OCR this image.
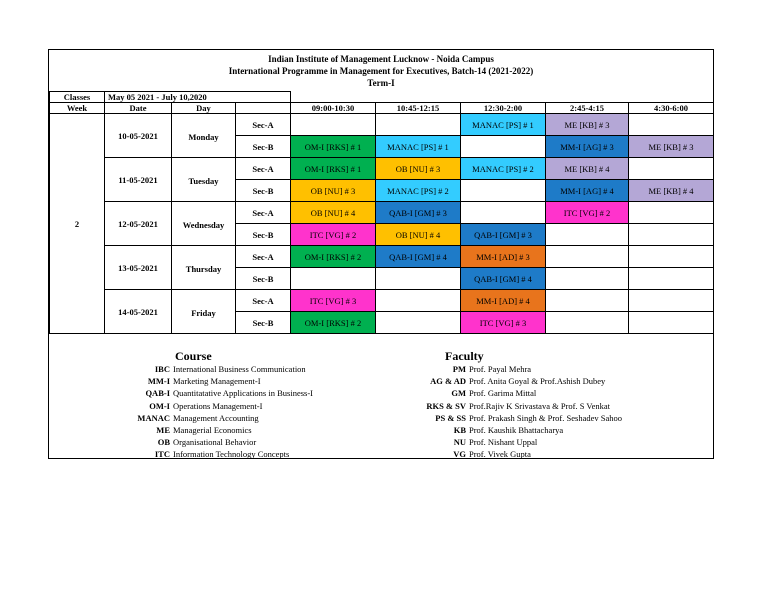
Indian Institute of Management Lucknow - Noida Campus
International Programme in Management for Executives, Batch-14 (2021-2022)
Term-I
Classes	May 05 2021 - July 10,2020							
Week	Date	Day		09:00-10:30	10:45-12:15	12:30-2:00	2:45-4:15	4:30-6:00
2	10-05-2021	Monday	Sec-A			MANAC [PS] # 1	ME [KB] # 3	
			Sec-B	OM-I [RKS] # 1	MANAC [PS] # 1		MM-I [AG] # 3	ME [KB] # 3
	11-05-2021	Tuesday	Sec-A	OM-I [RKS] # 1	OB [NU] # 3	MANAC [PS] # 2	ME [KB] # 4	
			Sec-B	OB [NU] # 3	MANAC [PS] # 2		MM-I [AG] # 4	ME [KB] # 4
	12-05-2021	Wednesday	Sec-A	OB [NU] # 4	QAB-I [GM] # 3		ITC [VG] # 2	
			Sec-B	ITC [VG] # 2	OB [NU] # 4	QAB-I [GM] # 3		
	13-05-2021	Thursday	Sec-A	OM-I [RKS] # 2	QAB-I [GM] # 4	MM-I [AD] # 3		
			Sec-B			QAB-I [GM] # 4		
	14-05-2021	Friday	Sec-A	ITC [VG] # 3		MM-I [AD] # 4		
			Sec-B	OM-I [RKS] # 2		ITC [VG] # 3		
Course
IBC International Business Communication
MM-I Marketing Management-I
QAB-I Quantitatative Applications in Business-I
OM-I Operations Management-I
MANAC Management Accounting
ME Managerial Economics
OB Organisational Behavior
ITC Information Technology Concepts
Faculty
PM Prof. Payal Mehra
AG & AD Prof. Anita Goyal & Prof.Ashish Dubey
GM Prof. Garima Mittal
RKS & SV Prof.Rajiv K Srivastava & Prof. S Venkat
PS & SS Prof. Prakash Singh & Prof. Seshadev Sahoo
KB Prof. Kaushik Bhattacharya
NU Prof. Nishant Uppal
VG Prof. Vivek Gupta
